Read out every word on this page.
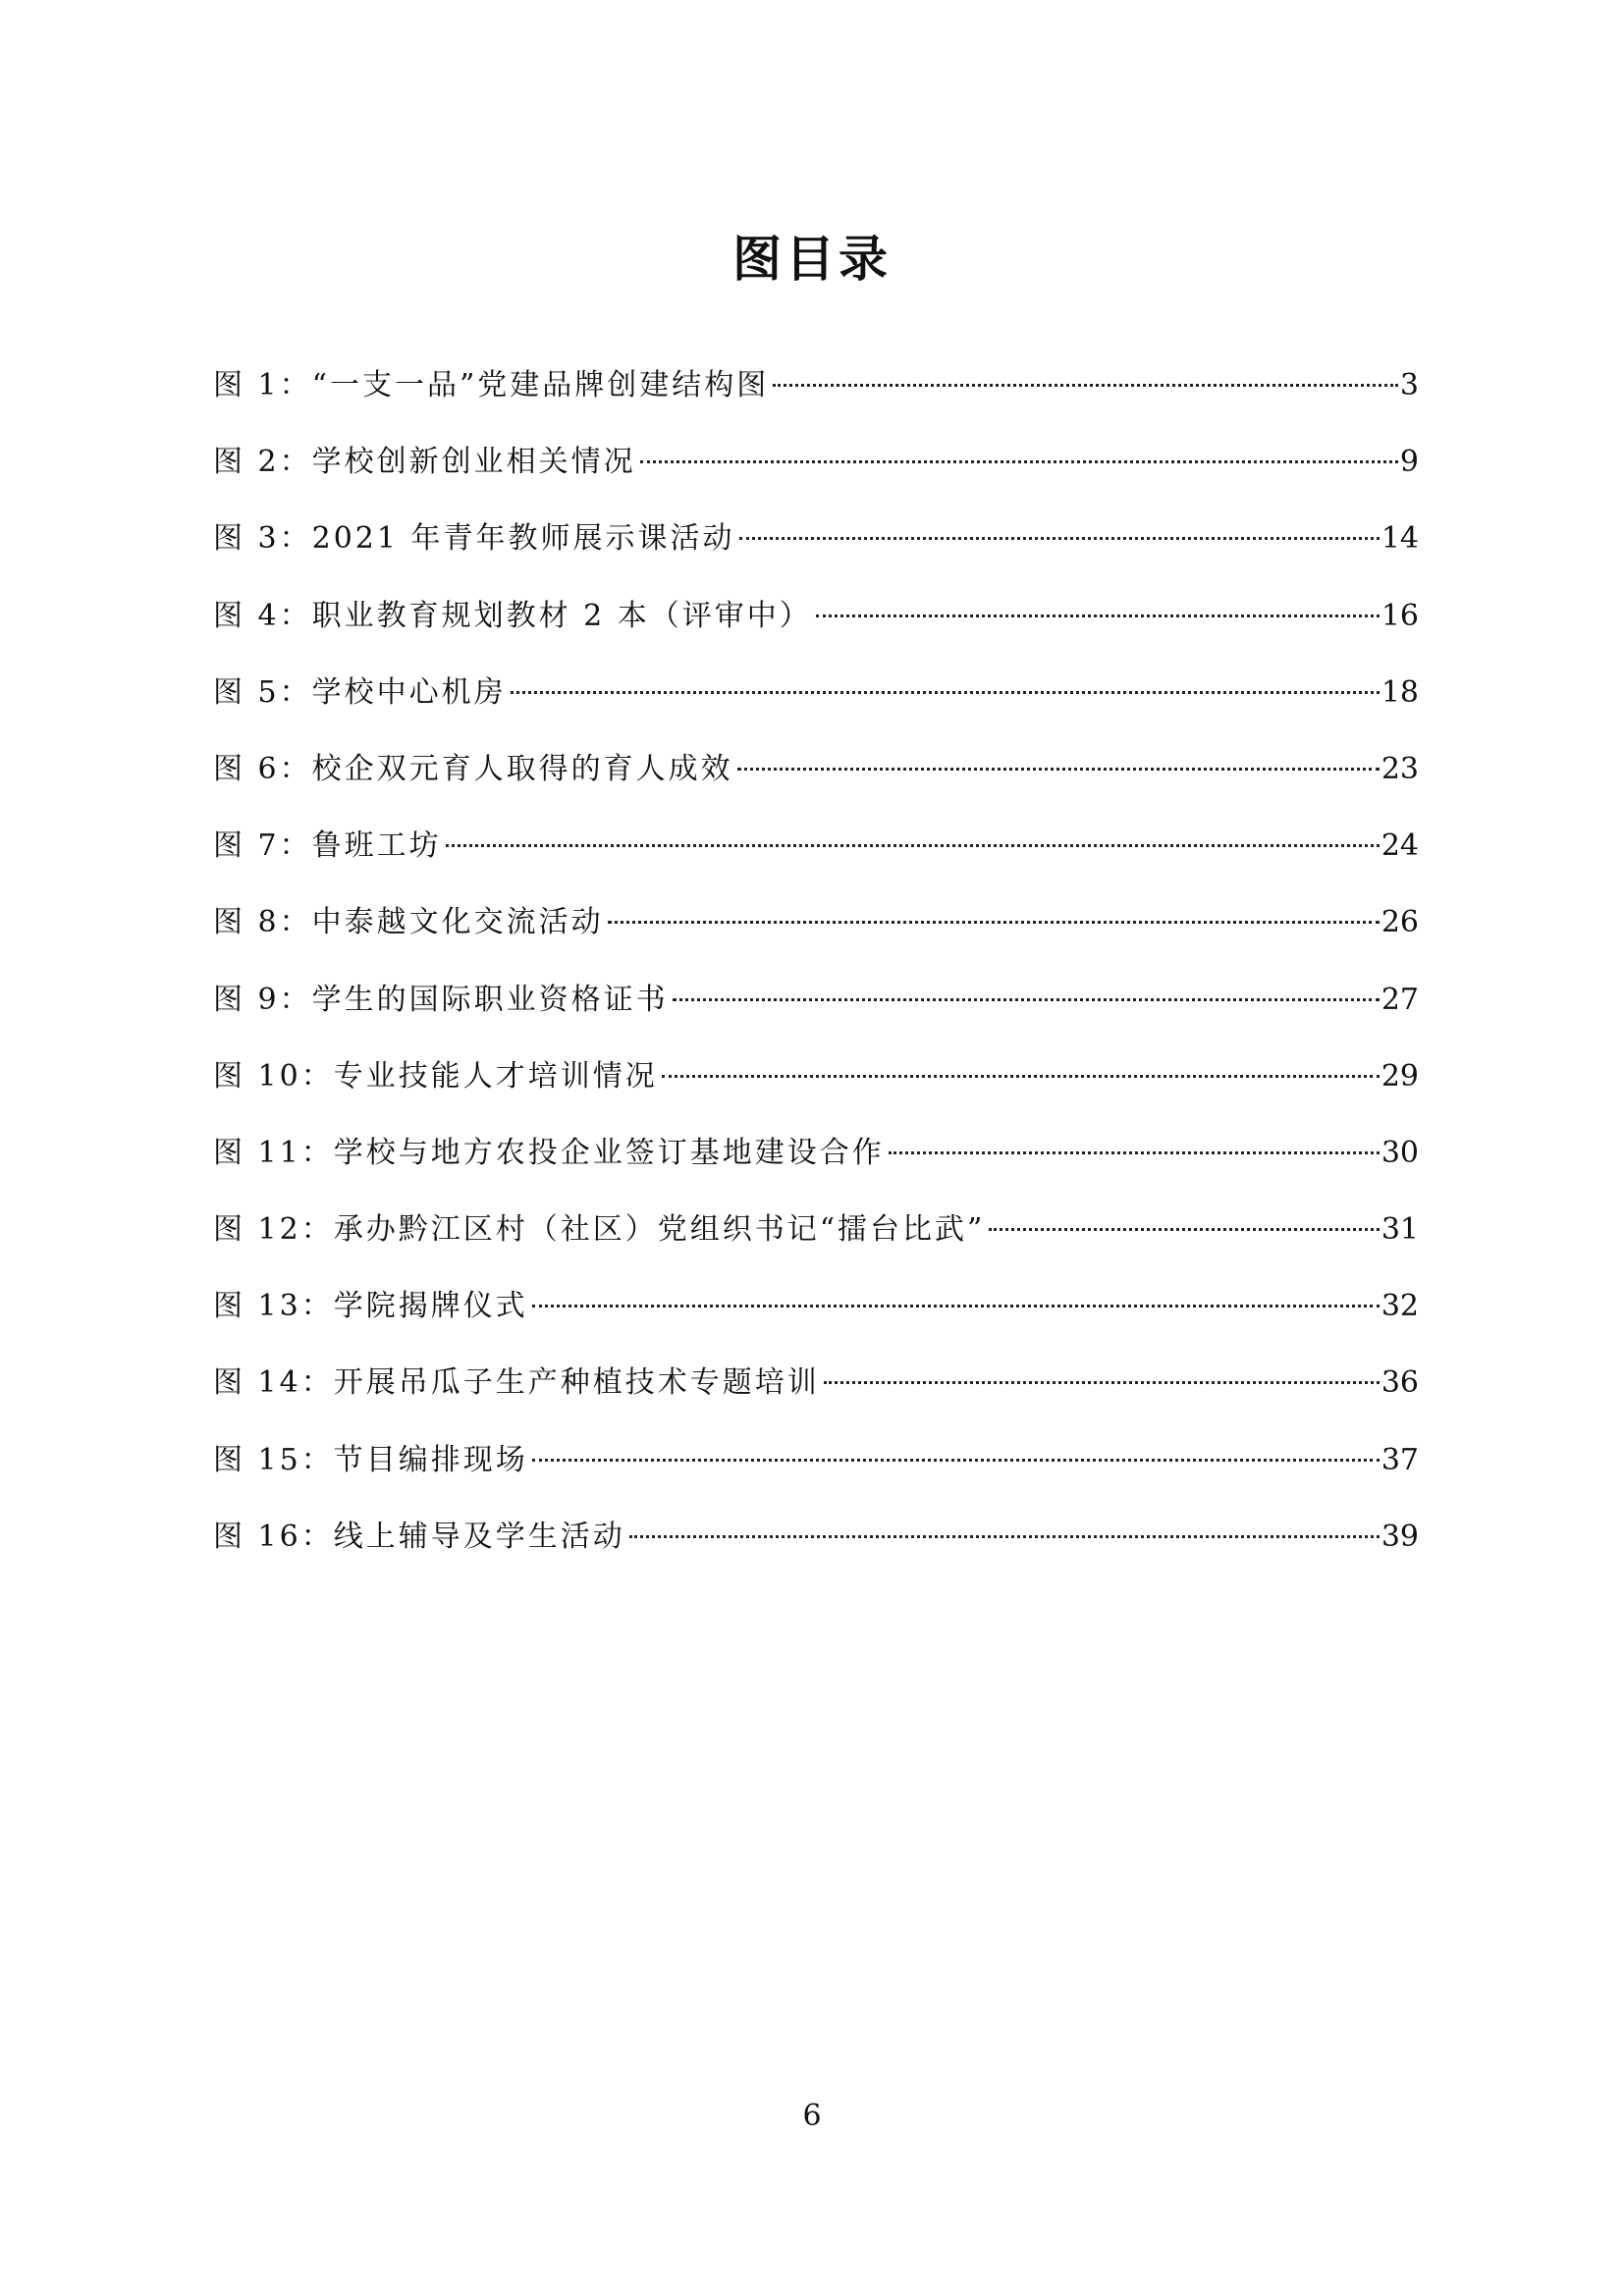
图目录
图 1：“一支一品”党建品牌创建结构图	3
图 2：学校创新创业相关情况	9
图 3：2021 年青年教师展示课活动	14
图 4：职业教育规划教材 2 本（评审中）	16
图 5：学校中心机房	18
图 6：校企双元育人取得的育人成效	23
图 7：鲁班工坊	24
图 8：中泰越文化交流活动	26
图 9：学生的国际职业资格证书	27
图 10：专业技能人才培训情况	29
图 11：学校与地方农投企业签订基地建设合作	30
图 12：承办黔江区村（社区）党组织书记“擂台比武”	31
图 13：学院揭牌仪式	32
图 14：开展吊瓜子生产种植技术专题培训	36
图 15：节目编排现场	37
图 16：线上辅导及学生活动	39
6
